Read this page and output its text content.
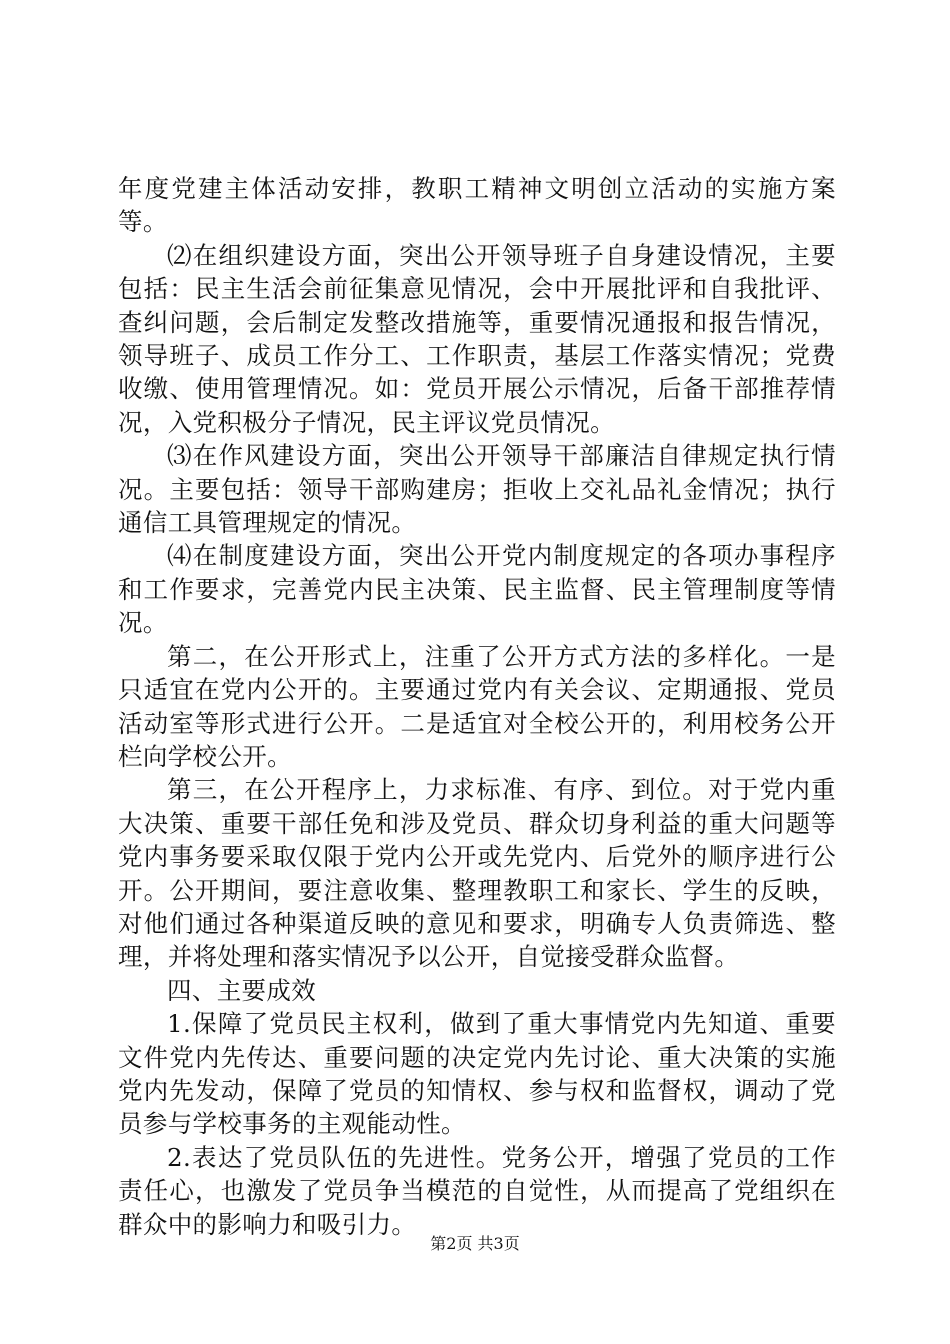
年度党建主体活动安排，教职工精神文明创立活动的实施方案等。

⑵在组织建设方面，突出公开领导班子自身建设情况，主要包括：民主生活会前征集意见情况，会中开展批评和自我批评、查纠问题，会后制定发整改措施等，重要情况通报和报告情况，领导班子、成员工作分工、工作职责，基层工作落实情况；党费收缴、使用管理情况。如：党员开展公示情况，后备干部推荐情况，入党积极分子情况，民主评议党员情况。

⑶在作风建设方面，突出公开领导干部廉洁自律规定执行情况。主要包括：领导干部购建房；拒收上交礼品礼金情况；执行通信工具管理规定的情况。

⑷在制度建设方面，突出公开党内制度规定的各项办事程序和工作要求，完善党内民主决策、民主监督、民主管理制度等情况。

第二，在公开形式上，注重了公开方式方法的多样化。一是只适宜在党内公开的。主要通过党内有关会议、定期通报、党员活动室等形式进行公开。二是适宜对全校公开的，利用校务公开栏向学校公开。

第三，在公开程序上，力求标准、有序、到位。对于党内重大决策、重要干部任免和涉及党员、群众切身利益的重大问题等党内事务要采取仅限于党内公开或先党内、后党外的顺序进行公开。公开期间，要注意收集、整理教职工和家长、学生的反映，对他们通过各种渠道反映的意见和要求，明确专人负责筛选、整理，并将处理和落实情况予以公开，自觉接受群众监督。

四、主要成效

1.保障了党员民主权利，做到了重大事情党内先知道、重要文件党内先传达、重要问题的决定党内先讨论、重大决策的实施党内先发动，保障了党员的知情权、参与权和监督权，调动了党员参与学校事务的主观能动性。

2.表达了党员队伍的先进性。党务公开，增强了党员的工作责任心，也激发了党员争当模范的自觉性，从而提高了党组织在群众中的影响力和吸引力。

第2页 共3页
